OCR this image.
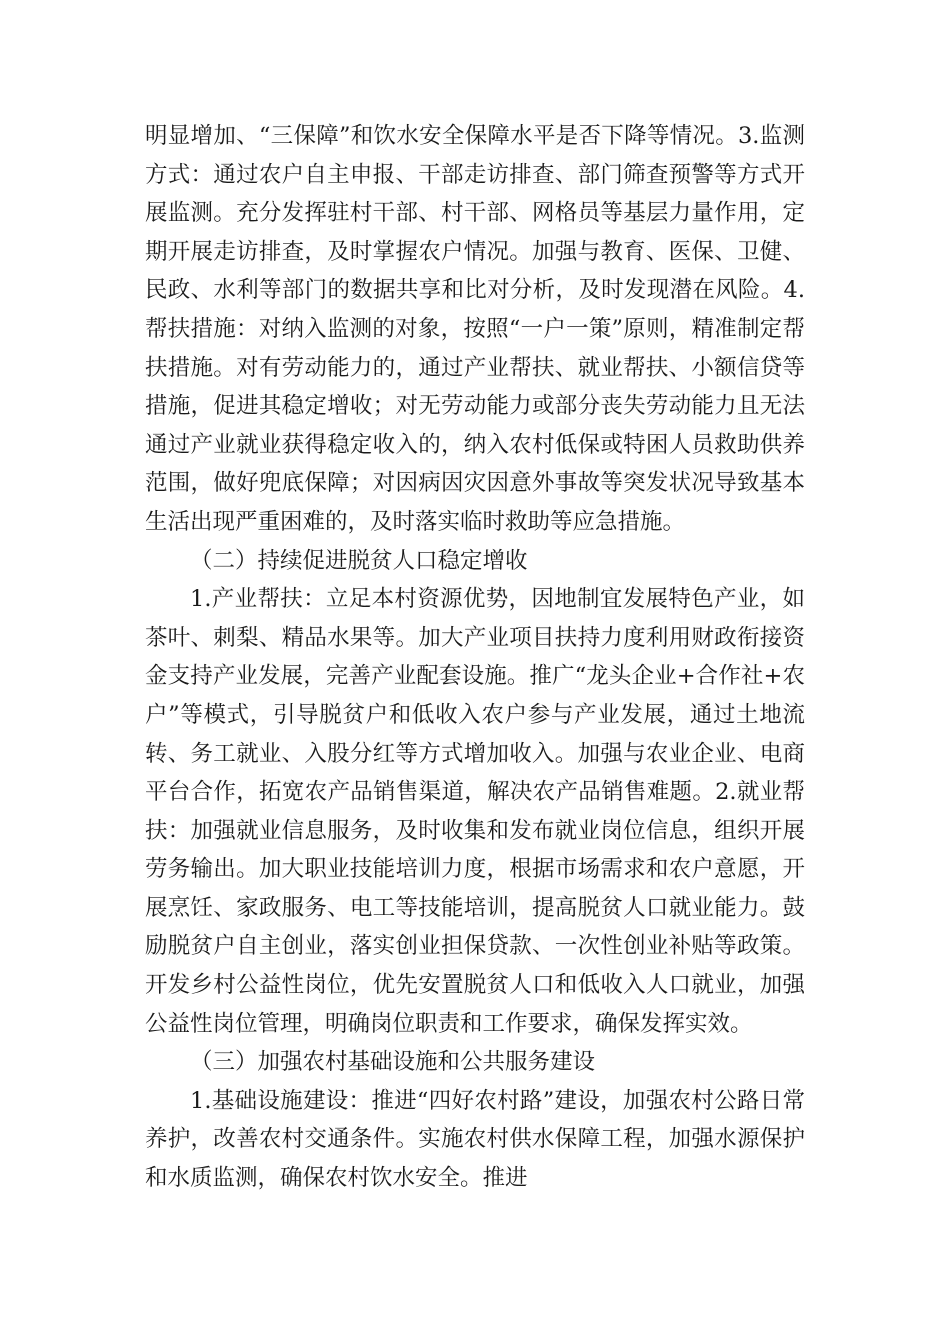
明显增加、“三保障”和饮水安全保障水平是否下降等情况。3.监测方式：通过农户自主申报、干部走访排查、部门筛查预警等方式开展监测。充分发挥驻村干部、村干部、网格员等基层力量作用，定期开展走访排查，及时掌握农户情况。加强与教育、医保、卫健、民政、水利等部门的数据共享和比对分析，及时发现潜在风险。4.帮扶措施：对纳入监测的对象，按照“一户一策”原则，精准制定帮扶措施。对有劳动能力的，通过产业帮扶、就业帮扶、小额信贷等措施，促进其稳定增收；对无劳动能力或部分丧失劳动能力且无法通过产业就业获得稳定收入的，纳入农村低保或特困人员救助供养范围，做好兜底保障；对因病因灾因意外事故等突发状况导致基本生活出现严重困难的，及时落实临时救助等应急措施。

（二）持续促进脱贫人口稳定增收

1.产业帮扶：立足本村资源优势，因地制宜发展特色产业，如茶叶、刺梨、精品水果等。加大产业项目扶持力度利用财政衔接资金支持产业发展，完善产业配套设施。推广“龙头企业+合作社+农户”等模式，引导脱贫户和低收入农户参与产业发展，通过土地流转、务工就业、入股分红等方式增加收入。加强与农业企业、电商平台合作，拓宽农产品销售渠道，解决农产品销售难题。2.就业帮扶：加强就业信息服务，及时收集和发布就业岗位信息，组织开展劳务输出。加大职业技能培训力度，根据市场需求和农户意愿，开展烹饪、家政服务、电工等技能培训，提高脱贫人口就业能力。鼓励脱贫户自主创业，落实创业担保贷款、一次性创业补贴等政策。开发乡村公益性岗位，优先安置脱贫人口和低收入人口就业，加强公益性岗位管理，明确岗位职责和工作要求，确保发挥实效。

（三）加强农村基础设施和公共服务建设

1.基础设施建设：推进“四好农村路”建设，加强农村公路日常养护，改善农村交通条件。实施农村供水保障工程，加强水源保护和水质监测，确保农村饮水安全。推进
